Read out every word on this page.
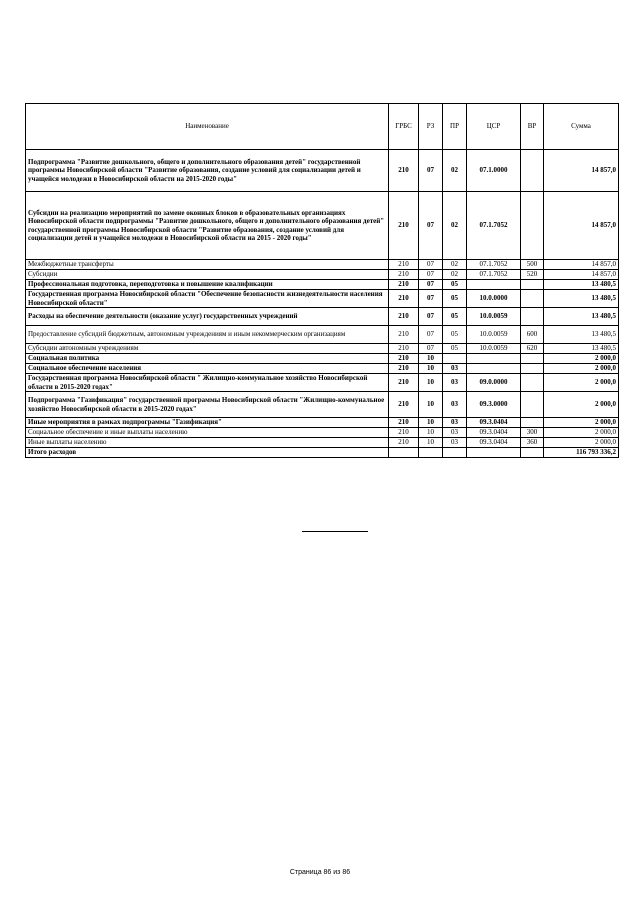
Наименование	ГРБС	РЗ	ПР	ЦСР	ВР	Сумма
Подпрограмма "Развитие дошкольного, общего и дополнительного образования детей" государственной программы Новосибирской области "Развитие образования, создание условий для социализации детей и учащейся молодежи в Новосибирской области на 2015-2020 годы"	210	07	02	07.1.0000		14 857,0
Субсидии на реализацию мероприятий по замене оконных блоков в образовательных организациях Новосибирской области подпрограммы "Развитие дошкольного, общего и дополнительного образования детей" государственной программы Новосибирской области "Развитие образования, создание условий для социализации детей и учащейся молодежи в Новосибирской области на 2015 - 2020 годы"	210	07	02	07.1.7052		14 857,0
Межбюджетные трансферты	210	07	02	07.1.7052	500	14 857,0
Субсидии	210	07	02	07.1.7052	520	14 857,0
Профессиональная подготовка, переподготовка и повышение квалификации	210	07	05			13 480,5
Государственная программа Новосибирской области "Обеспечение безопасности жизнедеятельности населения Новосибирской области"	210	07	05	10.0.0000		13 480,5
Расходы на обеспечение деятельности (оказание услуг) государственных учреждений	210	07	05	10.0.0059		13 480,5
Предоставление субсидий бюджетным, автономным учреждениям и иным некоммерческим организациям	210	07	05	10.0.0059	600	13 480,5
Субсидии автономным учреждениям	210	07	05	10.0.0059	620	13 480,5
Социальная политика	210	10				2 000,0
Социальное обеспечение населения	210	10	03			2 000,0
Государственная программа Новосибирской области " Жилищно-коммунальное хозяйство Новосибирской области в 2015-2020 годах"	210	10	03	09.0.0000		2 000,0
Подпрограмма "Газификация" государственной программы Новосибирской области "Жилищно-коммунальное хозяйство Новосибирской области в 2015-2020 годах"	210	10	03	09.3.0000		2 000,0
Иные мероприятия в рамках подпрограммы "Газификация"	210	10	03	09.3.0404		2 000,0
Социальное обеспечение и иные выплаты населению	210	10	03	09.3.0404	300	2 000,0
Иные выплаты населению	210	10	03	09.3.0404	360	2 000,0
Итого расходов						116 793 336,2
Страница 86 из 86
